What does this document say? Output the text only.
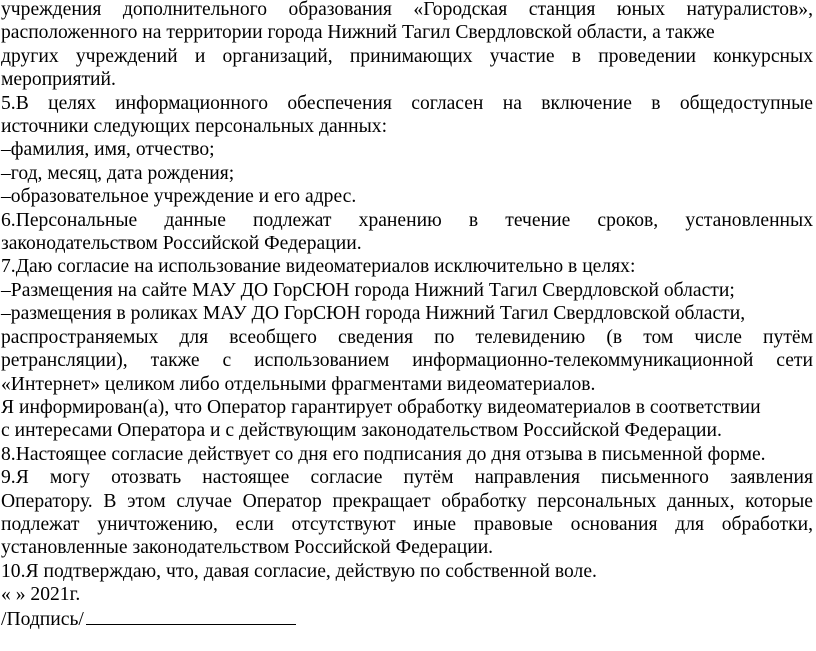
учреждения дополнительного образования «Городская станция юных натуралистов»,
расположенного на территории города Нижний Тагил Свердловской области, а также
других учреждений и организаций, принимающих участие в проведении конкурсных
мероприятий.
5.В целях информационного обеспечения согласен на включение в общедоступные
источники следующих персональных данных:
–фамилия, имя, отчество;
–год, месяц, дата рождения;
–образовательное учреждение и его адрес.
6.Персональные данные подлежат хранению в течение сроков, установленных
законодательством Российской Федерации.
7.Даю согласие на использование видеоматериалов исключительно в целях:
–Размещения на сайте МАУ ДО ГорСЮН города Нижний Тагил Свердловской области;
–размещения в роликах МАУ ДО ГорСЮН города Нижний Тагил Свердловской области,
распространяемых для всеобщего сведения по телевидению (в том числе путём
ретрансляции), также с использованием информационно-телекоммуникационной сети
«Интернет» целиком либо отдельными фрагментами видеоматериалов.
Я информирован(а), что Оператор гарантирует обработку видеоматериалов в соответствии
с интересами Оператора и с действующим законодательством Российской Федерации.
8.Настоящее согласие действует со дня его подписания до дня отзыва в письменной форме.
9.Я могу отозвать настоящее согласие путём направления письменного заявления
Оператору. В этом случае Оператор прекращает обработку персональных данных, которые
подлежат уничтожению, если отсутствуют иные правовые основания для обработки,
установленные законодательством Российской Федерации.
10.Я подтверждаю, что, давая согласие, действую по собственной воле.
« » 2021г.
/Подпись/
